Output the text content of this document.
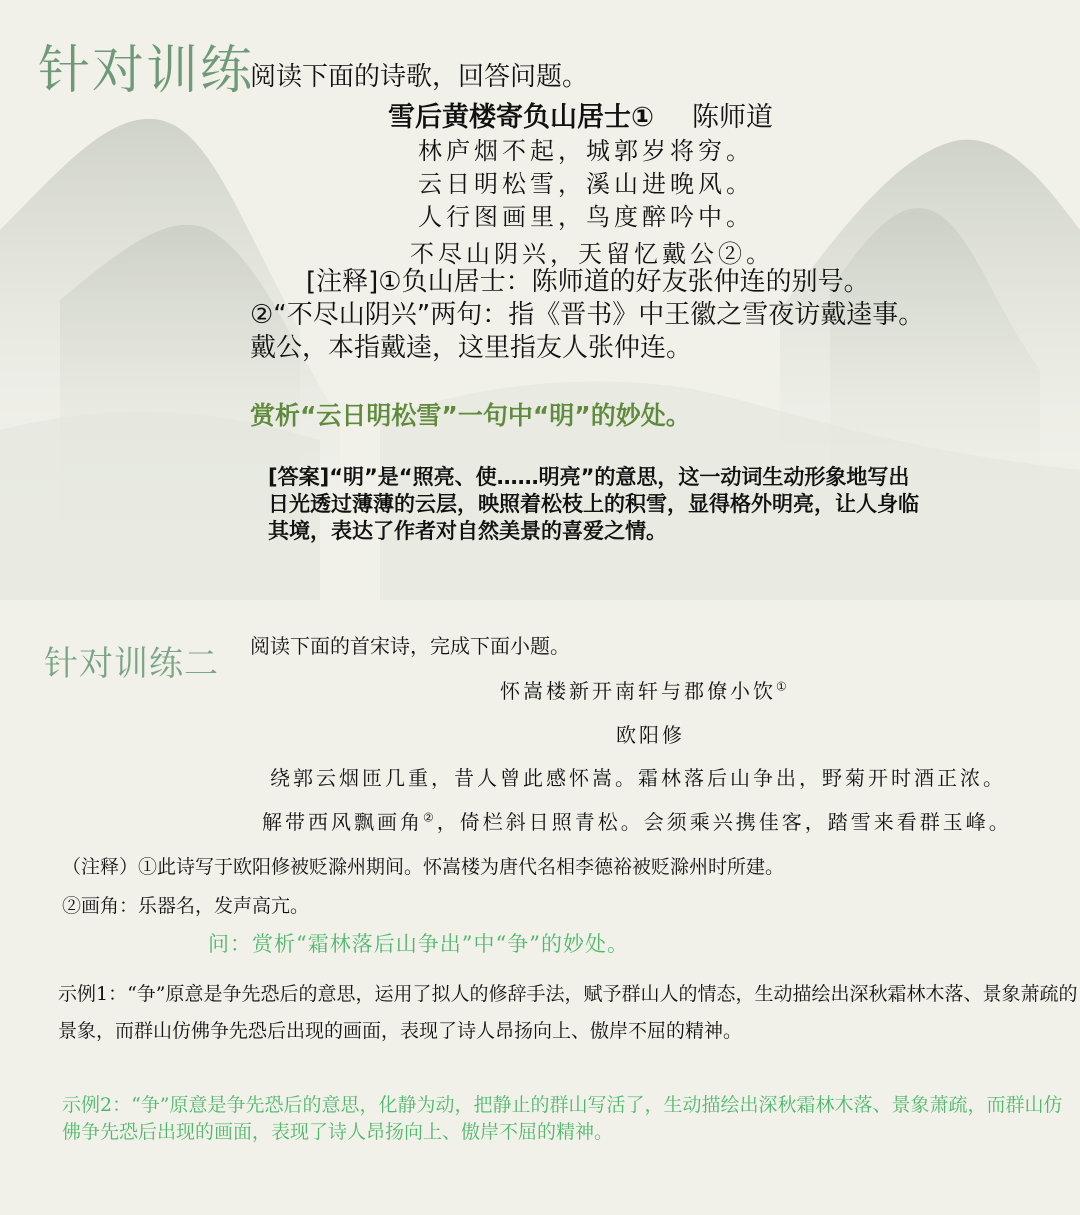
针对训练
阅读下面的诗歌，回答问题。
雪后黄楼寄负山居士① 陈师道
林庐烟不起，城郭岁将穷。
云日明松雪，溪山进晚风。
人行图画里，鸟度醉吟中。
不尽山阴兴，天留忆戴公②。
[注释]①负山居士：陈师道的好友张仲连的别号。②“不尽山阴兴”两句：指《晋书》中王徽之雪夜访戴逵事。戴公，本指戴逵，这里指友人张仲连。
赏析“云日明松雪”一句中“明”的妙处。
[答案]“明”是“照亮、使……明亮”的意思，这一动词生动形象地写出日光透过薄薄的云层，映照着松枝上的积雪，显得格外明亮，让人身临其境，表达了作者对自然美景的喜爱之情。
针对训练二 阅读下面的首宋诗，完成下面小题。
怀嵩楼新开南轩与郡僚小饮①
欧阳修
绕郭云烟匝几重，昔人曾此感怀嵩。霜林落后山争出，野菊开时酒正浓。
解带西风飘画角②，倚栏斜日照青松。会须乘兴携佳客，踏雪来看群玉峰。
（注释）①此诗写于欧阳修被贬滁州期间。怀嵩楼为唐代名相李德裕被贬滁州时所建。
②画角：乐器名，发声高亢。
问：赏析“霜林落后山争出”中“争”的妙处。
示例1：“争”原意是争先恐后的意思，运用了拟人的修辞手法，赋予群山人的情态，生动描绘出深秋霜林木落、景象萧疏的景象，而群山仿佛争先恐后出现的画面，表现了诗人昂扬向上、傲岸不屈的精神。
示例2：“争”原意是争先恐后的意思，化静为动，把静止的群山写活了，生动描绘出深秋霜林木落、景象萧疏，而群山仿佛争先恐后出现的画面，表现了诗人昂扬向上、傲岸不屈的精神。
